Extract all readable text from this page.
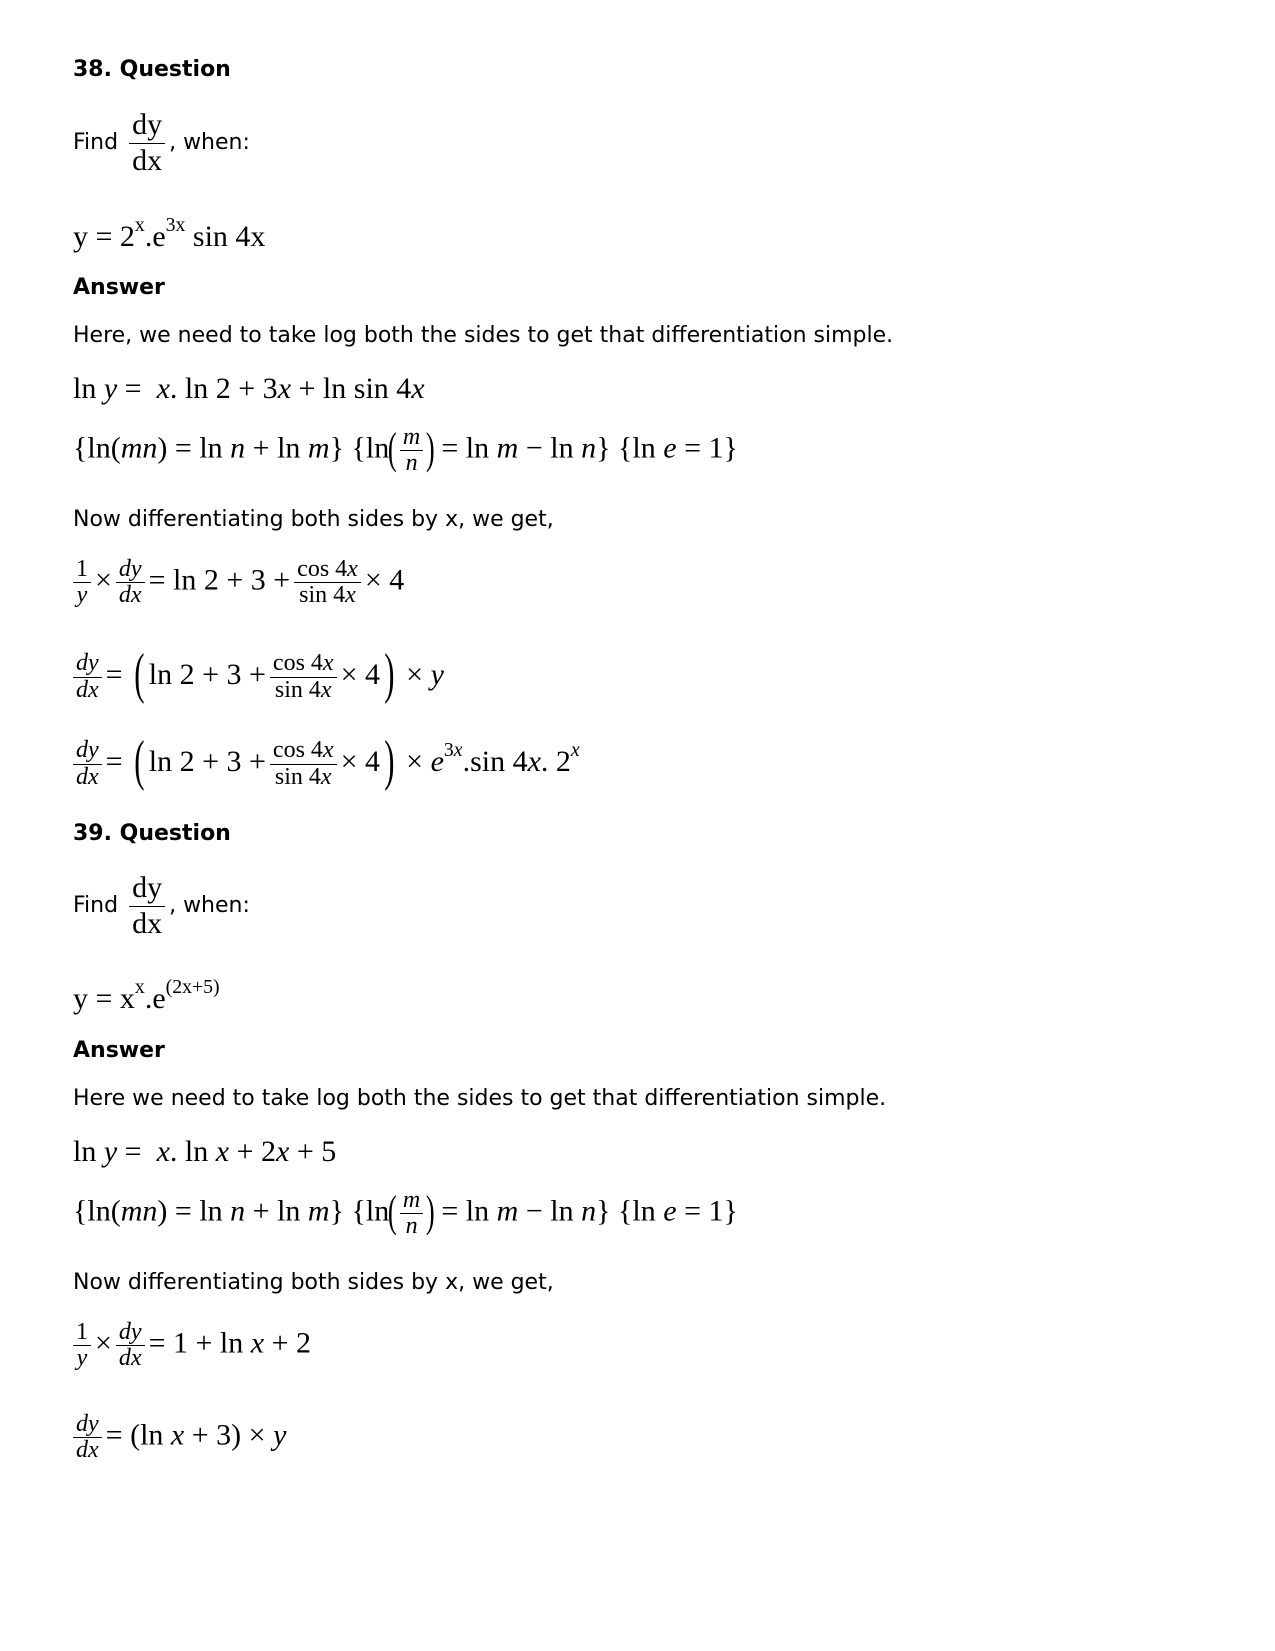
38. Question
Find $\frac{dy}{dx}$ , when:
$y = 2^x.e^{3x}$ sin 4x
Answer
Here, we need to take log both the sides to get that differentiation simple.
ln y =  x. ln 2 + 3x + ln sin 4x
{ln(mn) = ln n + ln m} {$\ln( \frac{m}{n}$ ) = ln m − ln n} {ln e = 1}
Now differentiating both sides by x, we get,
$\frac{1}{y} \times \frac{dy}{dx} = \ln 2 + 3 + \frac{\cos 4x}{\sin 4x} \times 4$
$\frac{dy}{dx}$ = ( $\ln 2 + 3 + \frac{\cos 4x}{\sin 4x} \times 4) \times y$
$\frac{dy}{dx}$ = ( $\ln 2 + 3 + \frac{\cos 4x}{\sin 4x} \times 4) \times e^{3x}.\sin$ 4x. 2$^x$
39. Question
Find $\frac{dy}{dx}$ , when:
$y = x^x.e^{(2x+5)}$
Answer
Here we need to take log both the sides to get that differentiation simple.
ln y =  x. ln x + 2x + 5
{ln(mn) = ln n + ln m} {$\ln( \frac{m}{n}$ ) = ln m − ln n} {ln e = 1}
Now differentiating both sides by x, we get,
$\frac{1}{y} \times \frac{dy}{dx} = 1 + \ln x + 2$
$\frac{dy}{dx} = (\ln$ x + 3) × y
